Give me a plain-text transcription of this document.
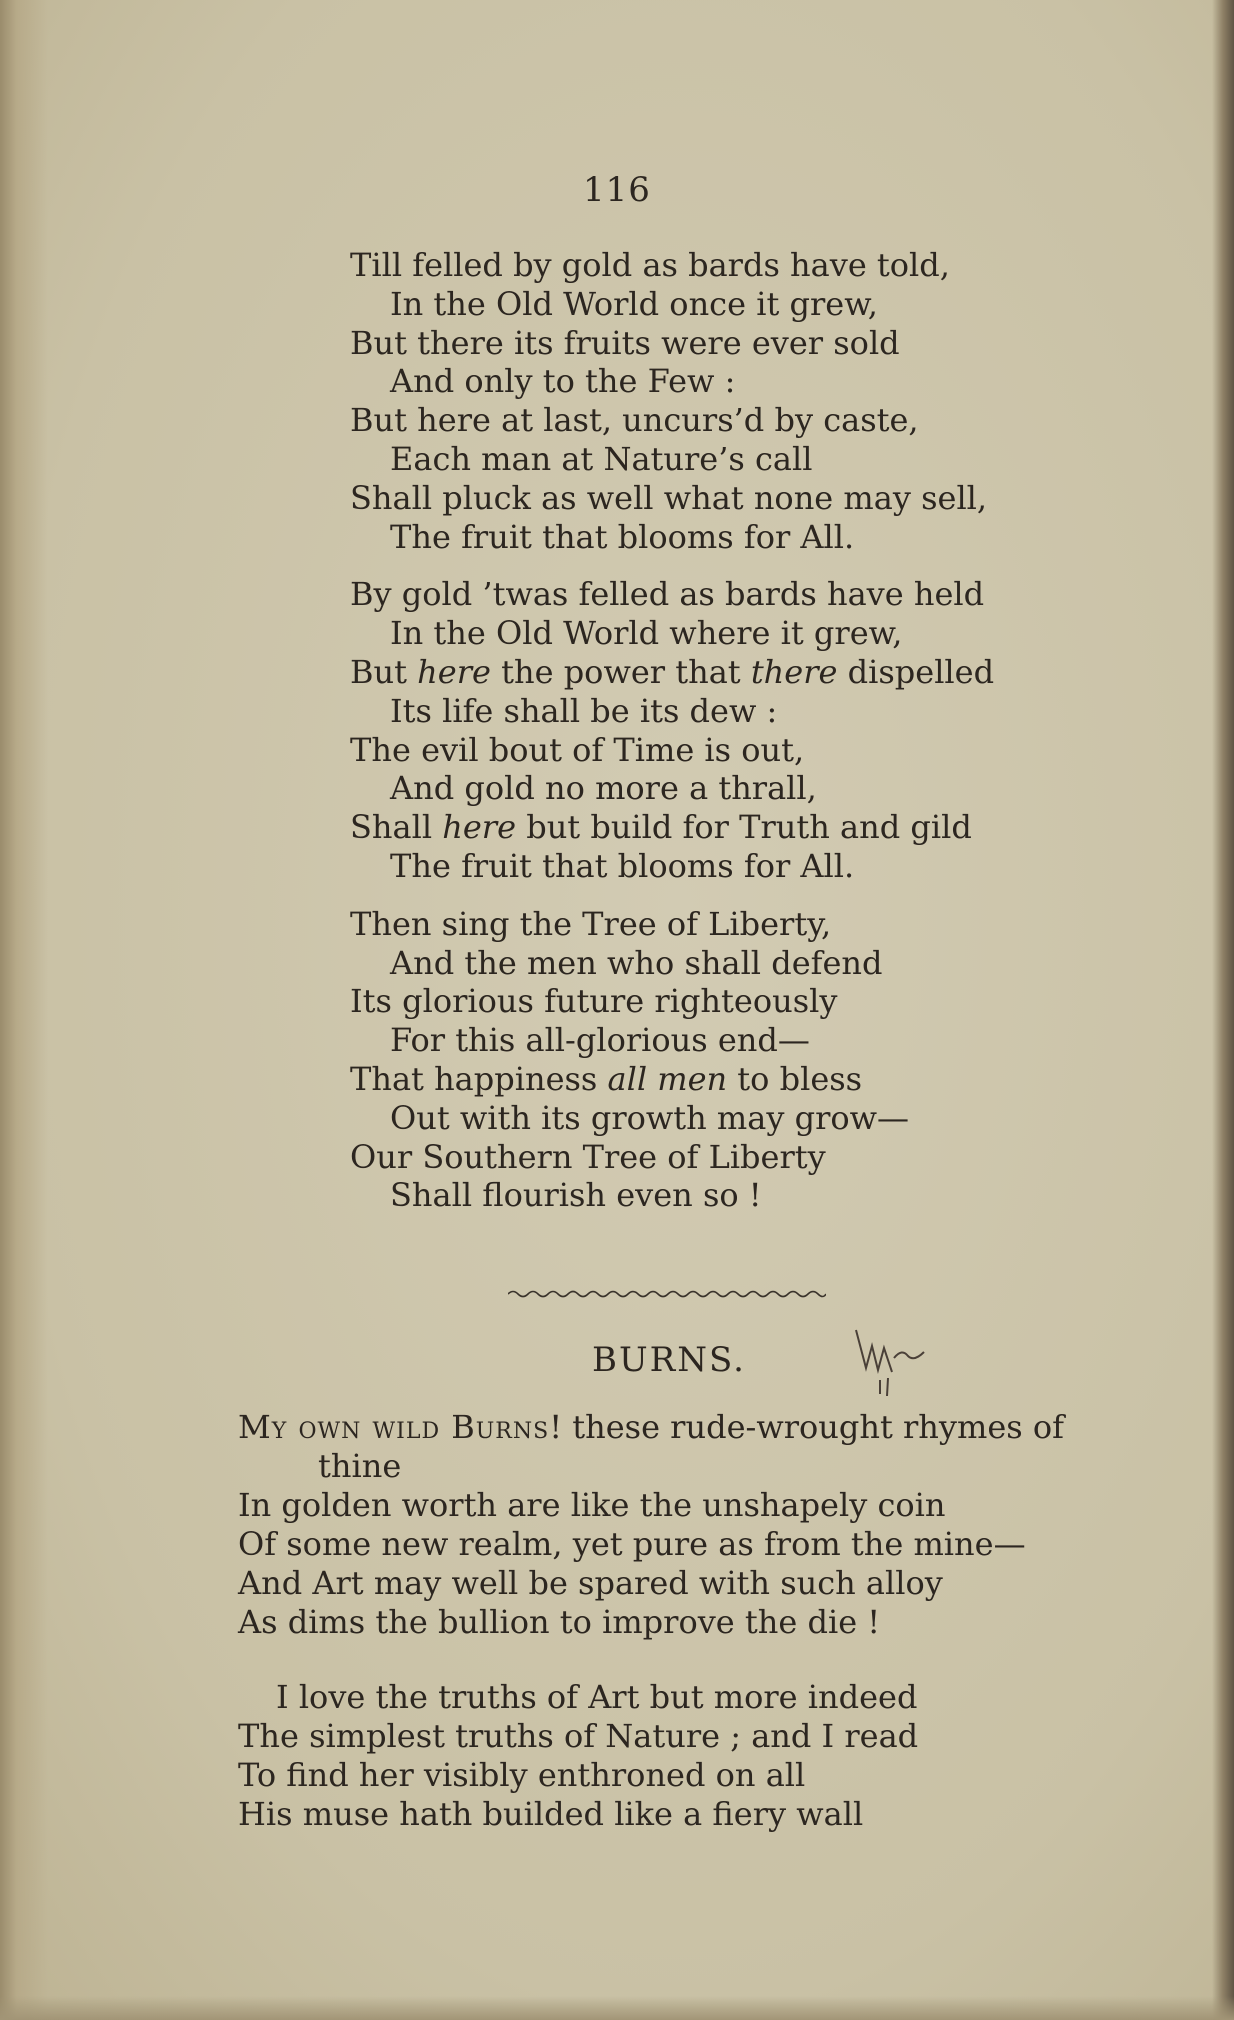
116
Till felled by gold as bards have told,
In the Old World once it grew,
But there its fruits were ever sold
And only to the Few :
But here at last, uncurs’d by caste,
Each man at Nature’s call
Shall pluck as well what none may sell,
The fruit that blooms for All.
By gold ’twas felled as bards have held
In the Old World where it grew,
But here the power that there dispelled
Its life shall be its dew :
The evil bout of Time is out,
And gold no more a thrall,
Shall here but build for Truth and gild
The fruit that blooms for All.
Then sing the Tree of Liberty,
And the men who shall defend
Its glorious future righteously
For this all-glorious end—
That happiness all men to bless
Out with its growth may grow—
Our Southern Tree of Liberty
Shall flourish even so !
BURNS.
My own wild Burns! these rude-wrought rhymes of
thine
In golden worth are like the unshapely coin
Of some new realm, yet pure as from the mine—
And Art may well be spared with such alloy
As dims the bullion to improve the die !
I love the truths of Art but more indeed
The simplest truths of Nature ; and I read
To find her visibly enthroned on all
His muse hath builded like a fiery wall
